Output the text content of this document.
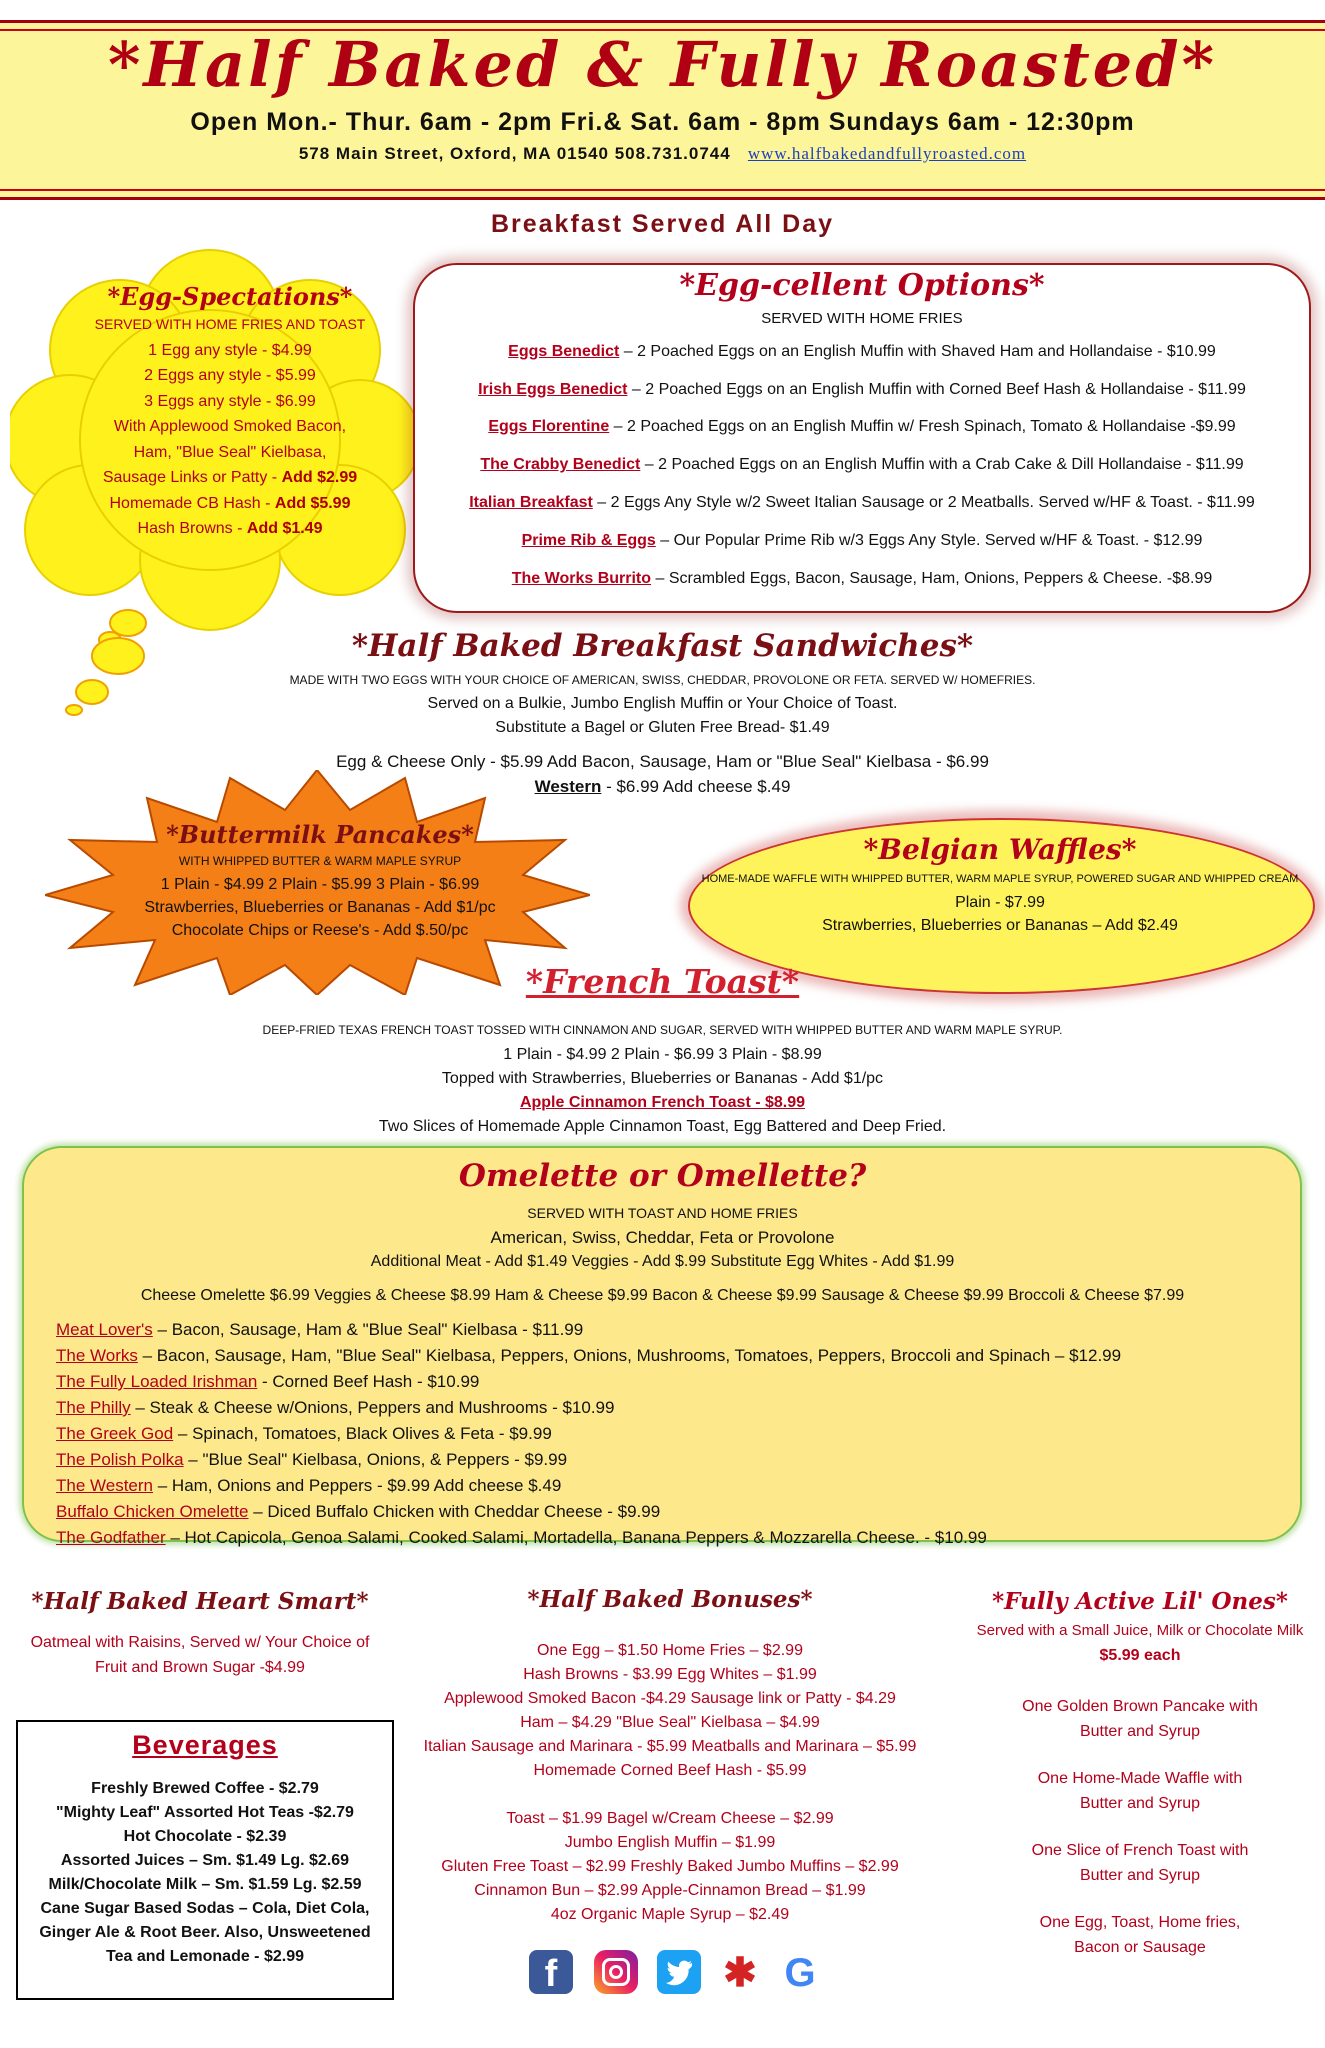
*Half Baked & Fully Roasted*
Open Mon.- Thur. 6am - 2pm Fri.& Sat. 6am - 8pm Sundays 6am - 12:30pm
578 Main Street, Oxford, MA 01540 508.731.0744 www.halfbakedandfullyroasted.com
Breakfast Served All Day
*Egg-Spectations*
SERVED WITH HOME FRIES AND TOAST
1 Egg any style - $4.99
2 Eggs any style - $5.99
3 Eggs any style - $6.99
With Applewood Smoked Bacon,
Ham, "Blue Seal" Kielbasa,
Sausage Links or Patty - Add $2.99
Homemade CB Hash - Add $5.99
Hash Browns - Add $1.49
*Egg-cellent Options*
SERVED WITH HOME FRIES
Eggs Benedict – 2 Poached Eggs on an English Muffin with Shaved Ham and Hollandaise - $10.99
Irish Eggs Benedict – 2 Poached Eggs on an English Muffin with Corned Beef Hash & Hollandaise - $11.99
Eggs Florentine – 2 Poached Eggs on an English Muffin w/ Fresh Spinach, Tomato & Hollandaise -$9.99
The Crabby Benedict – 2 Poached Eggs on an English Muffin with a Crab Cake & Dill Hollandaise - $11.99
Italian Breakfast – 2 Eggs Any Style w/2 Sweet Italian Sausage or 2 Meatballs. Served w/HF & Toast. - $11.99
Prime Rib & Eggs – Our Popular Prime Rib w/3 Eggs Any Style. Served w/HF & Toast. - $12.99
The Works Burrito – Scrambled Eggs, Bacon, Sausage, Ham, Onions, Peppers & Cheese. -$8.99
*Half Baked Breakfast Sandwiches*
MADE WITH TWO EGGS WITH YOUR CHOICE OF AMERICAN, SWISS, CHEDDAR, PROVOLONE OR FETA. SERVED W/ HOMEFRIES.
Served on a Bulkie, Jumbo English Muffin or Your Choice of Toast.
Substitute a Bagel or Gluten Free Bread- $1.49
Egg & Cheese Only - $5.99 Add Bacon, Sausage, Ham or "Blue Seal" Kielbasa - $6.99
Western - $6.99 Add cheese $.49
*Buttermilk Pancakes*
WITH WHIPPED BUTTER & WARM MAPLE SYRUP
1 Plain - $4.99 2 Plain - $5.99 3 Plain - $6.99
Strawberries, Blueberries or Bananas - Add $1/pc
Chocolate Chips or Reese's - Add $.50/pc
*Belgian Waffles*
HOME-MADE WAFFLE WITH WHIPPED BUTTER, WARM MAPLE SYRUP, POWERED SUGAR AND WHIPPED CREAM
Plain - $7.99
Strawberries, Blueberries or Bananas – Add $2.49
*French Toast*
DEEP-FRIED TEXAS FRENCH TOAST TOSSED WITH CINNAMON AND SUGAR, SERVED WITH WHIPPED BUTTER AND WARM MAPLE SYRUP.
1 Plain - $4.99 2 Plain - $6.99 3 Plain - $8.99
Topped with Strawberries, Blueberries or Bananas - Add $1/pc
Apple Cinnamon French Toast - $8.99
Two Slices of Homemade Apple Cinnamon Toast, Egg Battered and Deep Fried.
Omelette or Omellette?
SERVED WITH TOAST AND HOME FRIES
American, Swiss, Cheddar, Feta or Provolone
Additional Meat - Add $1.49 Veggies - Add $.99 Substitute Egg Whites - Add $1.99
Cheese Omelette $6.99 Veggies & Cheese $8.99 Ham & Cheese $9.99 Bacon & Cheese $9.99 Sausage & Cheese $9.99 Broccoli & Cheese $7.99
Meat Lover's – Bacon, Sausage, Ham & "Blue Seal" Kielbasa - $11.99
The Works – Bacon, Sausage, Ham, "Blue Seal" Kielbasa, Peppers, Onions, Mushrooms, Tomatoes, Peppers, Broccoli and Spinach – $12.99
The Fully Loaded Irishman - Corned Beef Hash - $10.99
The Philly – Steak & Cheese w/Onions, Peppers and Mushrooms - $10.99
The Greek God – Spinach, Tomatoes, Black Olives & Feta - $9.99
The Polish Polka – "Blue Seal" Kielbasa, Onions, & Peppers - $9.99
The Western – Ham, Onions and Peppers - $9.99 Add cheese $.49
Buffalo Chicken Omelette – Diced Buffalo Chicken with Cheddar Cheese - $9.99
The Godfather – Hot Capicola, Genoa Salami, Cooked Salami, Mortadella, Banana Peppers & Mozzarella Cheese. - $10.99
*Half Baked Heart Smart*
Oatmeal with Raisins, Served w/ Your Choice of
Fruit and Brown Sugar -$4.99
Beverages
Freshly Brewed Coffee - $2.79
"Mighty Leaf" Assorted Hot Teas -$2.79
Hot Chocolate - $2.39
Assorted Juices – Sm. $1.49 Lg. $2.69
Milk/Chocolate Milk – Sm. $1.59 Lg. $2.59
Cane Sugar Based Sodas – Cola, Diet Cola,
Ginger Ale & Root Beer. Also, Unsweetened
Tea and Lemonade - $2.99
*Half Baked Bonuses*
One Egg – $1.50 Home Fries – $2.99
Hash Browns - $3.99 Egg Whites – $1.99
Applewood Smoked Bacon -$4.29 Sausage link or Patty - $4.29
Ham – $4.29 "Blue Seal" Kielbasa – $4.99
Italian Sausage and Marinara - $5.99 Meatballs and Marinara – $5.99
Homemade Corned Beef Hash - $5.99
Toast – $1.99 Bagel w/Cream Cheese – $2.99
Jumbo English Muffin – $1.99
Gluten Free Toast – $2.99 Freshly Baked Jumbo Muffins – $2.99
Cinnamon Bun – $2.99 Apple-Cinnamon Bread – $1.99
4oz Organic Maple Syrup – $2.49
f	✱ G
*Fully Active Lil' Ones*
Served with a Small Juice, Milk or Chocolate Milk
$5.99 each
One Golden Brown Pancake with
Butter and Syrup
One Home-Made Waffle with
Butter and Syrup
One Slice of French Toast with
Butter and Syrup
One Egg, Toast, Home fries,
Bacon or Sausage
